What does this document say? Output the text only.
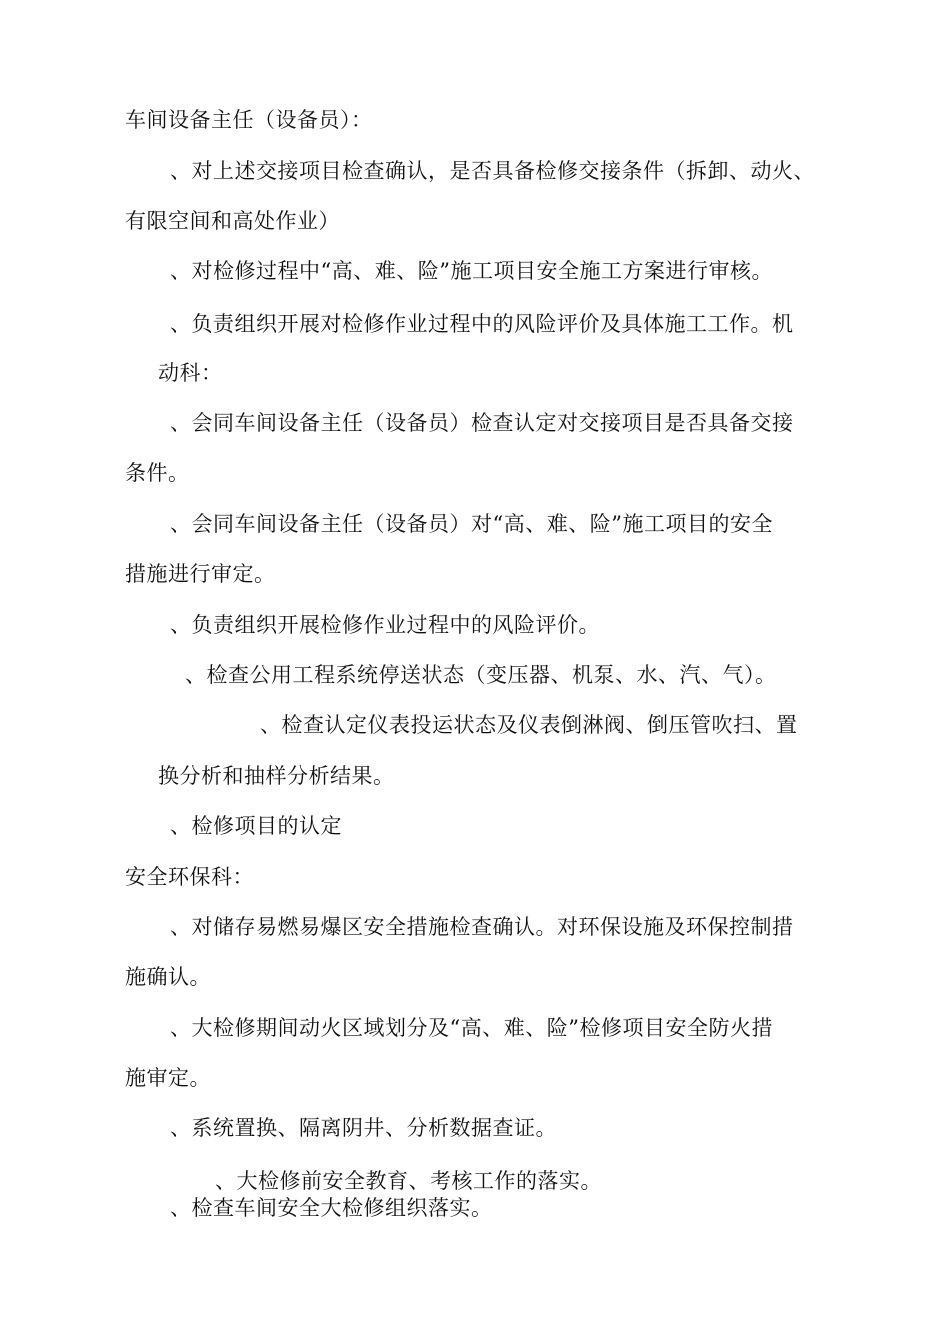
车间设备主任（设备员）：
、对上述交接项目检查确认，是否具备检修交接条件（拆卸、动火、
有限空间和高处作业）
、对检修过程中“高、难、险”施工项目安全施工方案进行审核。
、负责组织开展对检修作业过程中的风险评价及具体施工工作。机
动科：
、会同车间设备主任（设备员）检查认定对交接项目是否具备交接
条件。
、会同车间设备主任（设备员）对“高、难、险”施工项目的安全
措施进行审定。
、负责组织开展检修作业过程中的风险评价。
、检查公用工程系统停送状态（变压器、机泵、水、汽、气）。
、检查认定仪表投运状态及仪表倒淋阀、倒压管吹扫、置
换分析和抽样分析结果。
、检修项目的认定
安全环保科：
、对储存易燃易爆区安全措施检查确认。对环保设施及环保控制措
施确认。
、大检修期间动火区域划分及“高、难、险”检修项目安全防火措
施审定。
、系统置换、隔离阴井、分析数据查证。
、大检修前安全教育、考核工作的落实。
、检查车间安全大检修组织落实。
